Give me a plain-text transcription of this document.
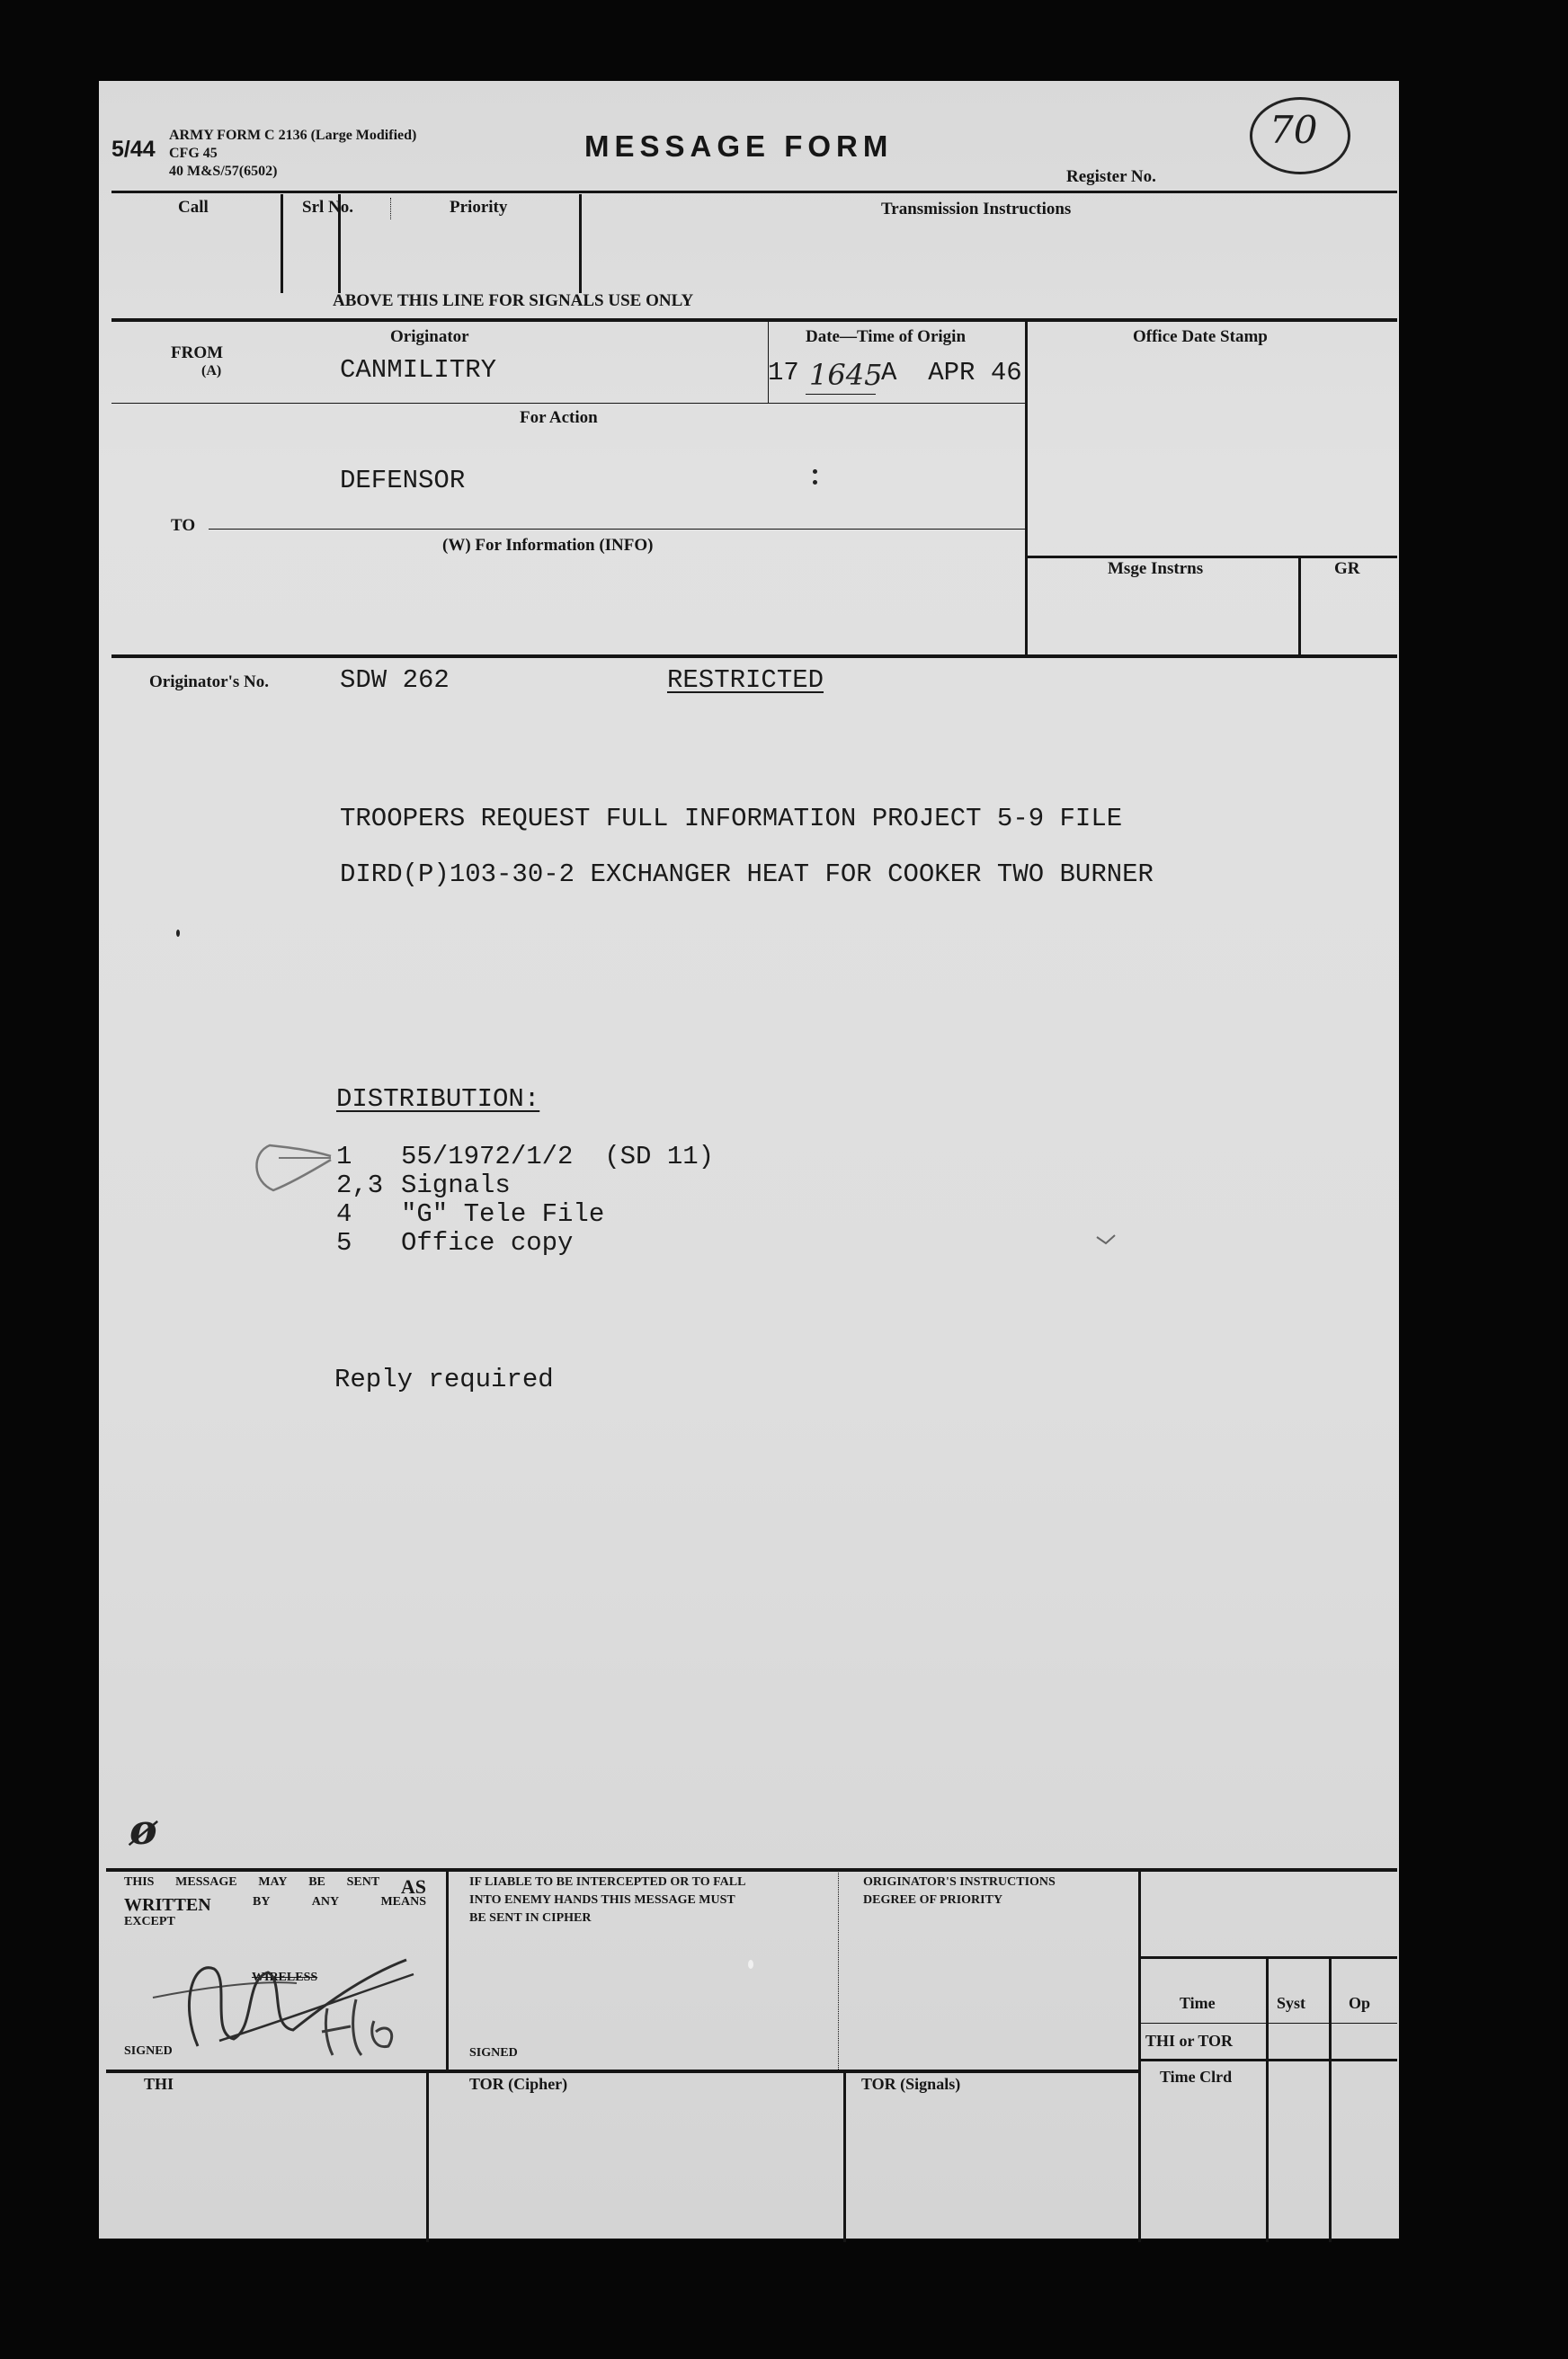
5/44
ARMY FORM C 2136 (Large Modified)
CFG 45
40 M&S/57(6502)
MESSAGE FORM
Register No.
70
Call	Srl No.	Priority	Transmission Instructions
ABOVE THIS LINE FOR SIGNALS USE ONLY
FROM
(A)
Originator
CANMILITRY
Date—Time of Origin
17 1645
A  APR 46
Office Date Stamp
For Action
DEFENSOR
TO
(W) For Information (INFO)
Msge Instrns	GR
Originator's No.	SDW 262	RESTRICTED
TROOPERS REQUEST FULL INFORMATION PROJECT 5-9 FILE
DIRD(P)103-30-2 EXCHANGER HEAT FOR COOKER TWO BURNER
DISTRIBUTION:
1 55/1972/1/2  (SD 11)
2,3 Signals
4 "G" Tele File
5 Office copy
Reply required
ø
THIS MESSAGE MAY BE SENT AS
WRITTEN	BY	ANY	MEANS
EXCEPT
WIRELESS
SIGNED
IF LIABLE TO BE INTERCEPTED OR TO FALL
INTO ENEMY HANDS THIS MESSAGE MUST
BE SENT IN CIPHER
SIGNED
ORIGINATOR'S INSTRUCTIONS
DEGREE OF PRIORITY
Time	Syst	Op
THI or TOR
Time Clrd
THI	TOR (Cipher)	TOR (Signals)
